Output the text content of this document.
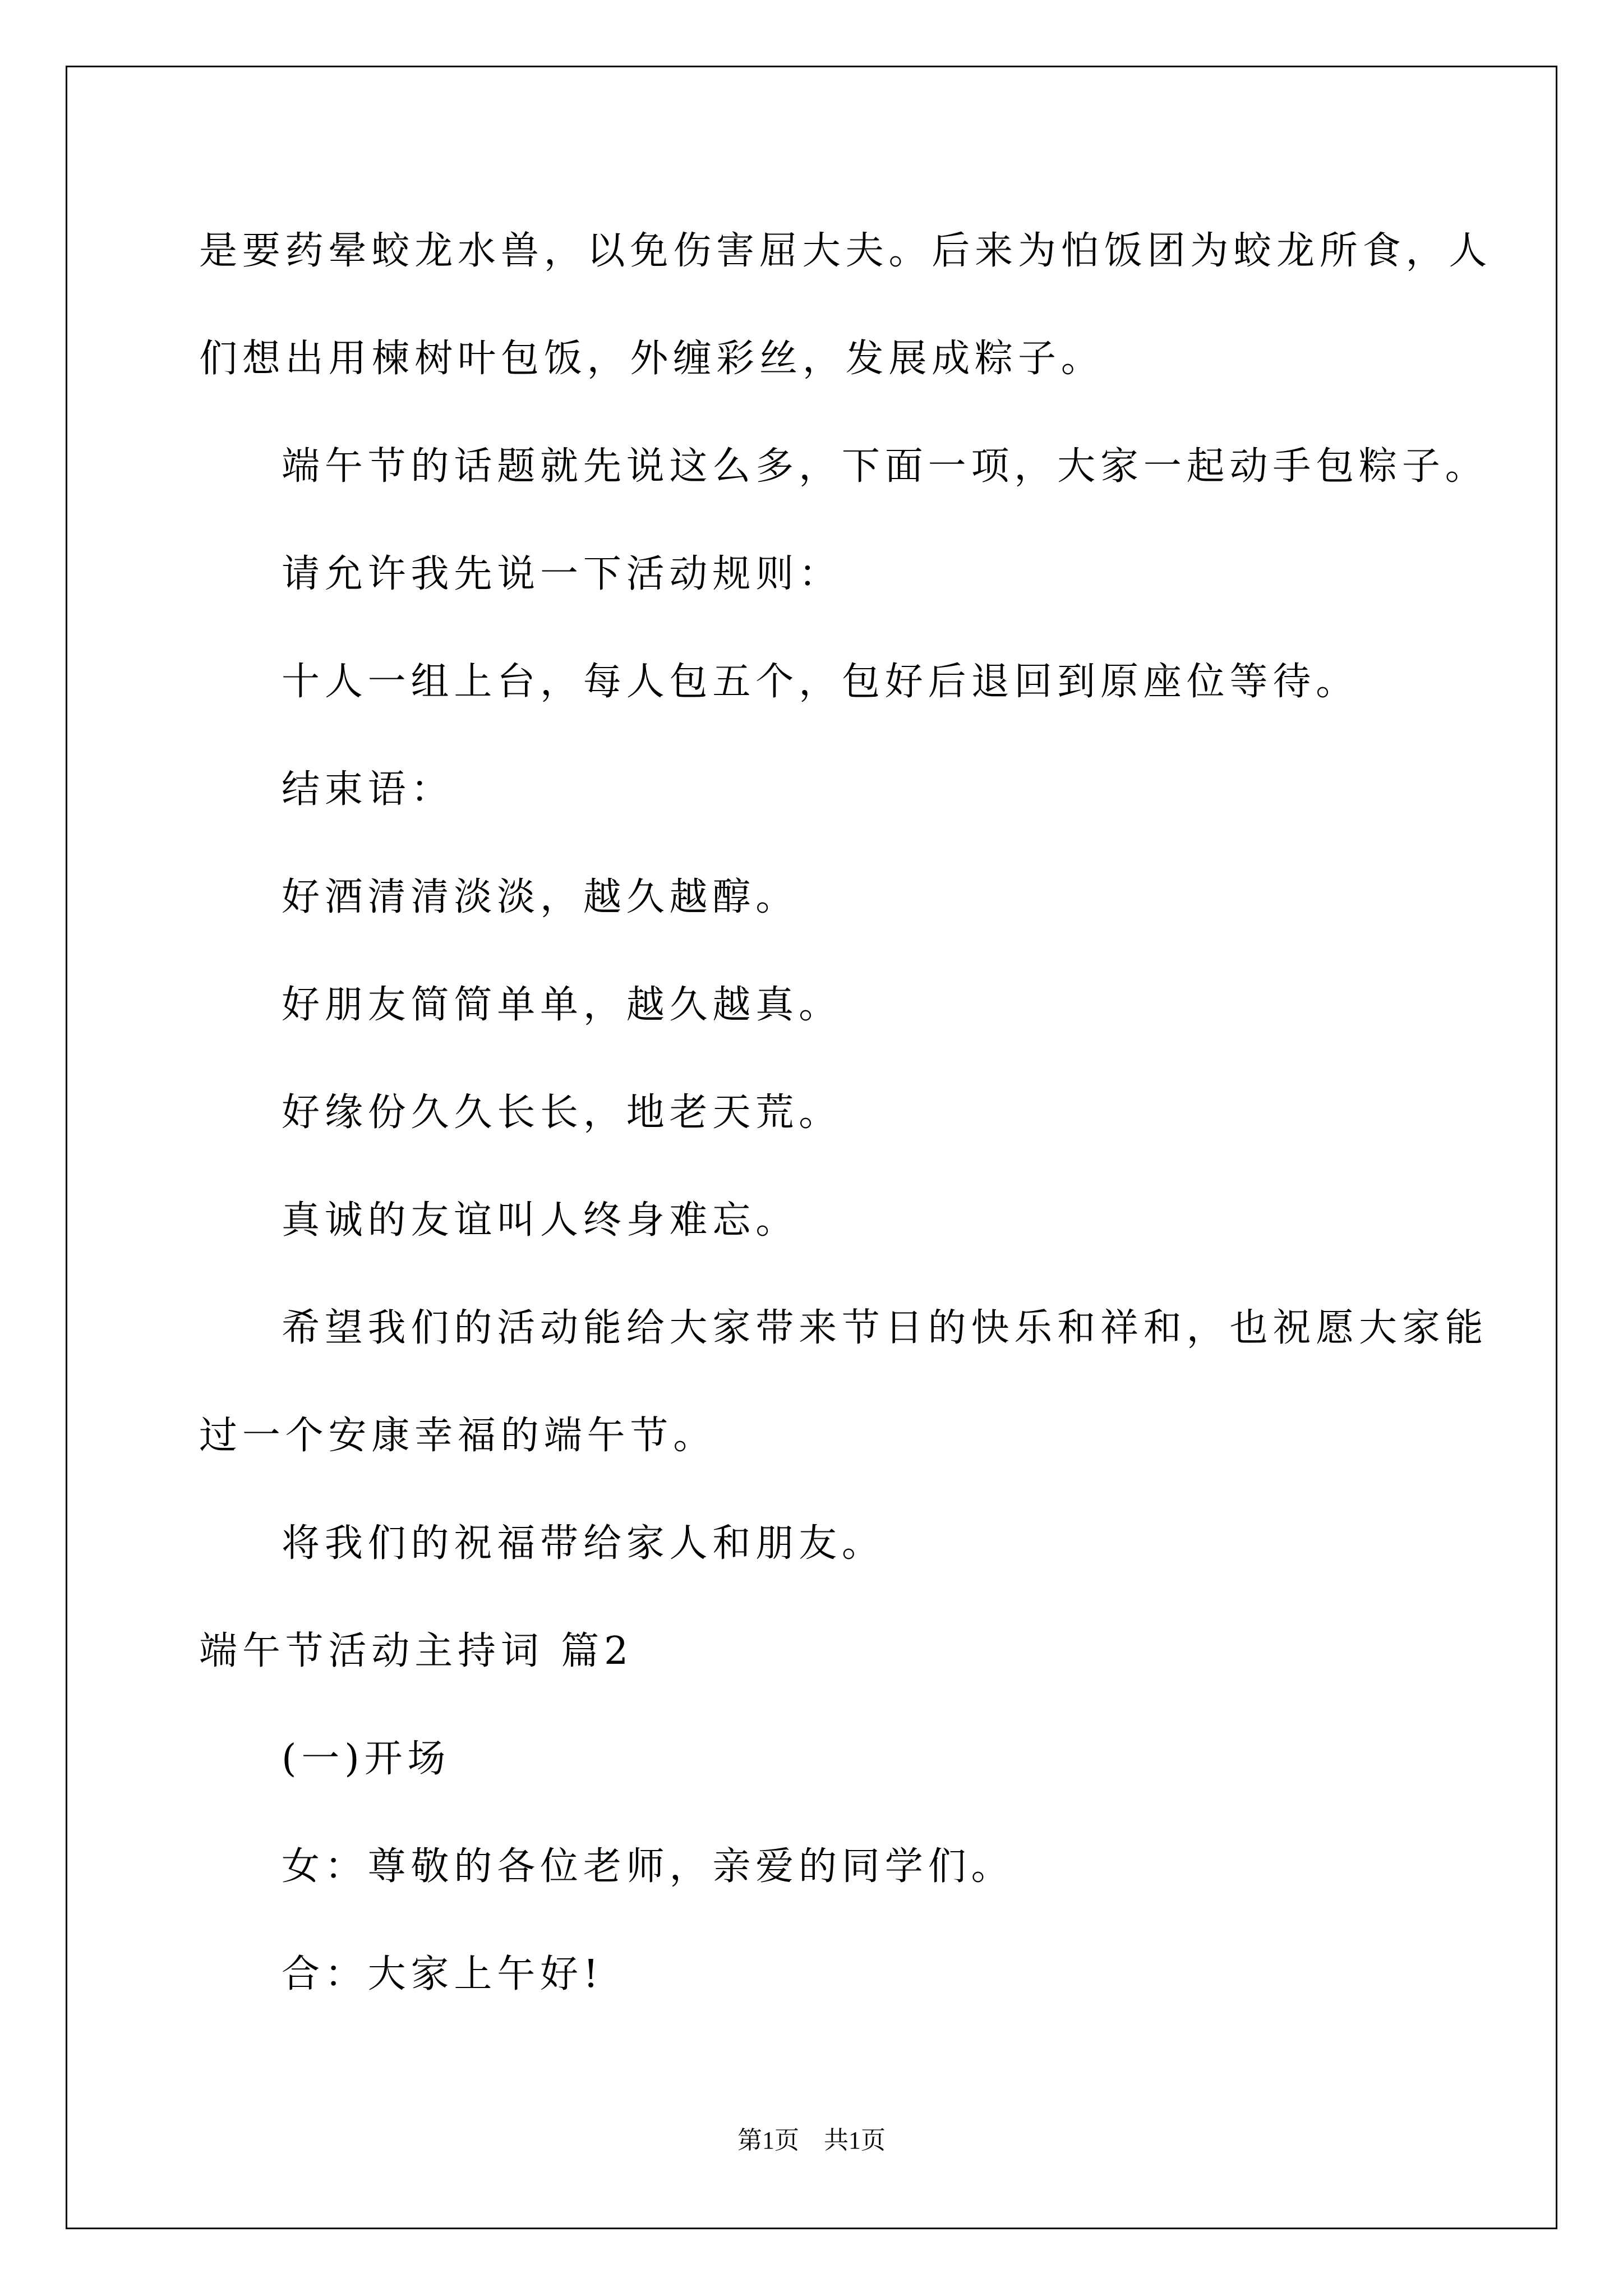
是要药晕蛟龙水兽，以免伤害屈大夫。后来为怕饭团为蛟龙所食，人
们想出用楝树叶包饭，外缠彩丝，发展成粽子。
端午节的话题就先说这么多，下面一项，大家一起动手包粽子。
请允许我先说一下活动规则：
十人一组上台，每人包五个，包好后退回到原座位等待。
结束语：
好酒清清淡淡，越久越醇。
好朋友简简单单，越久越真。
好缘份久久长长，地老天荒。
真诚的友谊叫人终身难忘。
希望我们的活动能给大家带来节日的快乐和祥和，也祝愿大家能
过一个安康幸福的端午节。
将我们的祝福带给家人和朋友。
端午节活动主持词 篇2
(一)开场
女：尊敬的各位老师，亲爱的同学们。
合：大家上午好!
第1页　共1页
